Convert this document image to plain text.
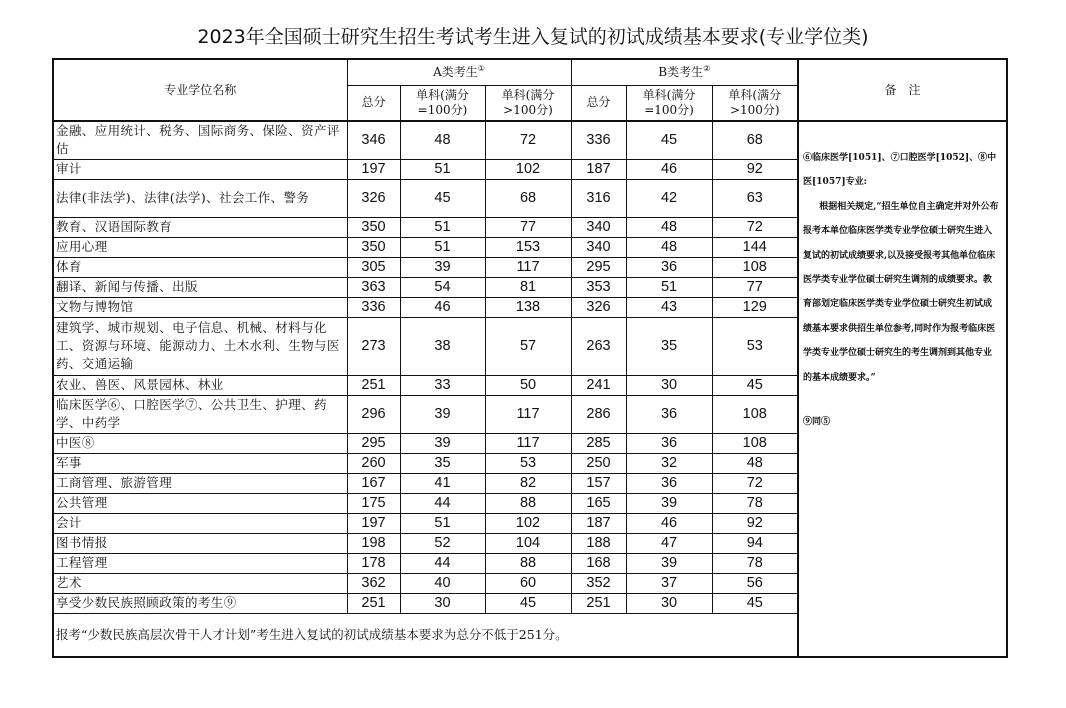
2023年全国硕士研究生招生考试考生进入复试的初试成绩基本要求(专业学位类)
专业学位名称	A类考生①			B类考生②			备　注
	总分	单科(满分=100分)	单科(满分>100分)	总分	单科(满分=100分)	单科(满分>100分)	
金融、应用统计、税务、国际商务、保险、资产评估	346	48	72	336	45	68	⑥临床医学[1051]、⑦口腔医学[1052]、⑧中医[1057]专业:

根据相关规定,“招生单位自主确定并对外公布报考本单位临床医学类专业学位硕士研究生进入复试的初试成绩要求,以及接受报考其他单位临床医学类专业学位硕士研究生调剂的成绩要求。教育部划定临床医学类专业学位硕士研究生初试成绩基本要求供招生单位参考,同时作为报考临床医学类专业学位硕士研究生的考生调剂到其他专业的基本成绩要求。”

⑨同⑤

审计	197	51	102	187	46	92	
法律(非法学)、法律(法学)、社会工作、警务	326	45	68	316	42	63	
教育、汉语国际教育	350	51	77	340	48	72	
应用心理	350	51	153	340	48	144	
体育	305	39	117	295	36	108	
翻译、新闻与传播、出版	363	54	81	353	51	77	
文物与博物馆	336	46	138	326	43	129	
建筑学、城市规划、电子信息、机械、材料与化工、资源与环境、能源动力、土木水利、生物与医药、交通运输	273	38	57	263	35	53	
农业、兽医、风景园林、林业	251	33	50	241	30	45	
临床医学⑥、口腔医学⑦、公共卫生、护理、药学、中药学	296	39	117	286	36	108	
中医⑧	295	39	117	285	36	108	
军事	260	35	53	250	32	48	
工商管理、旅游管理	167	41	82	157	36	72	
公共管理	175	44	88	165	39	78	
会计	197	51	102	187	46	92	
图书情报	198	52	104	188	47	94	
工程管理	178	44	88	168	39	78	
艺术	362	40	60	352	37	56	
享受少数民族照顾政策的考生⑨	251	30	45	251	30	45	
报考“少数民族高层次骨干人才计划”考生进入复试的初试成绩基本要求为总分不低于251分。							
